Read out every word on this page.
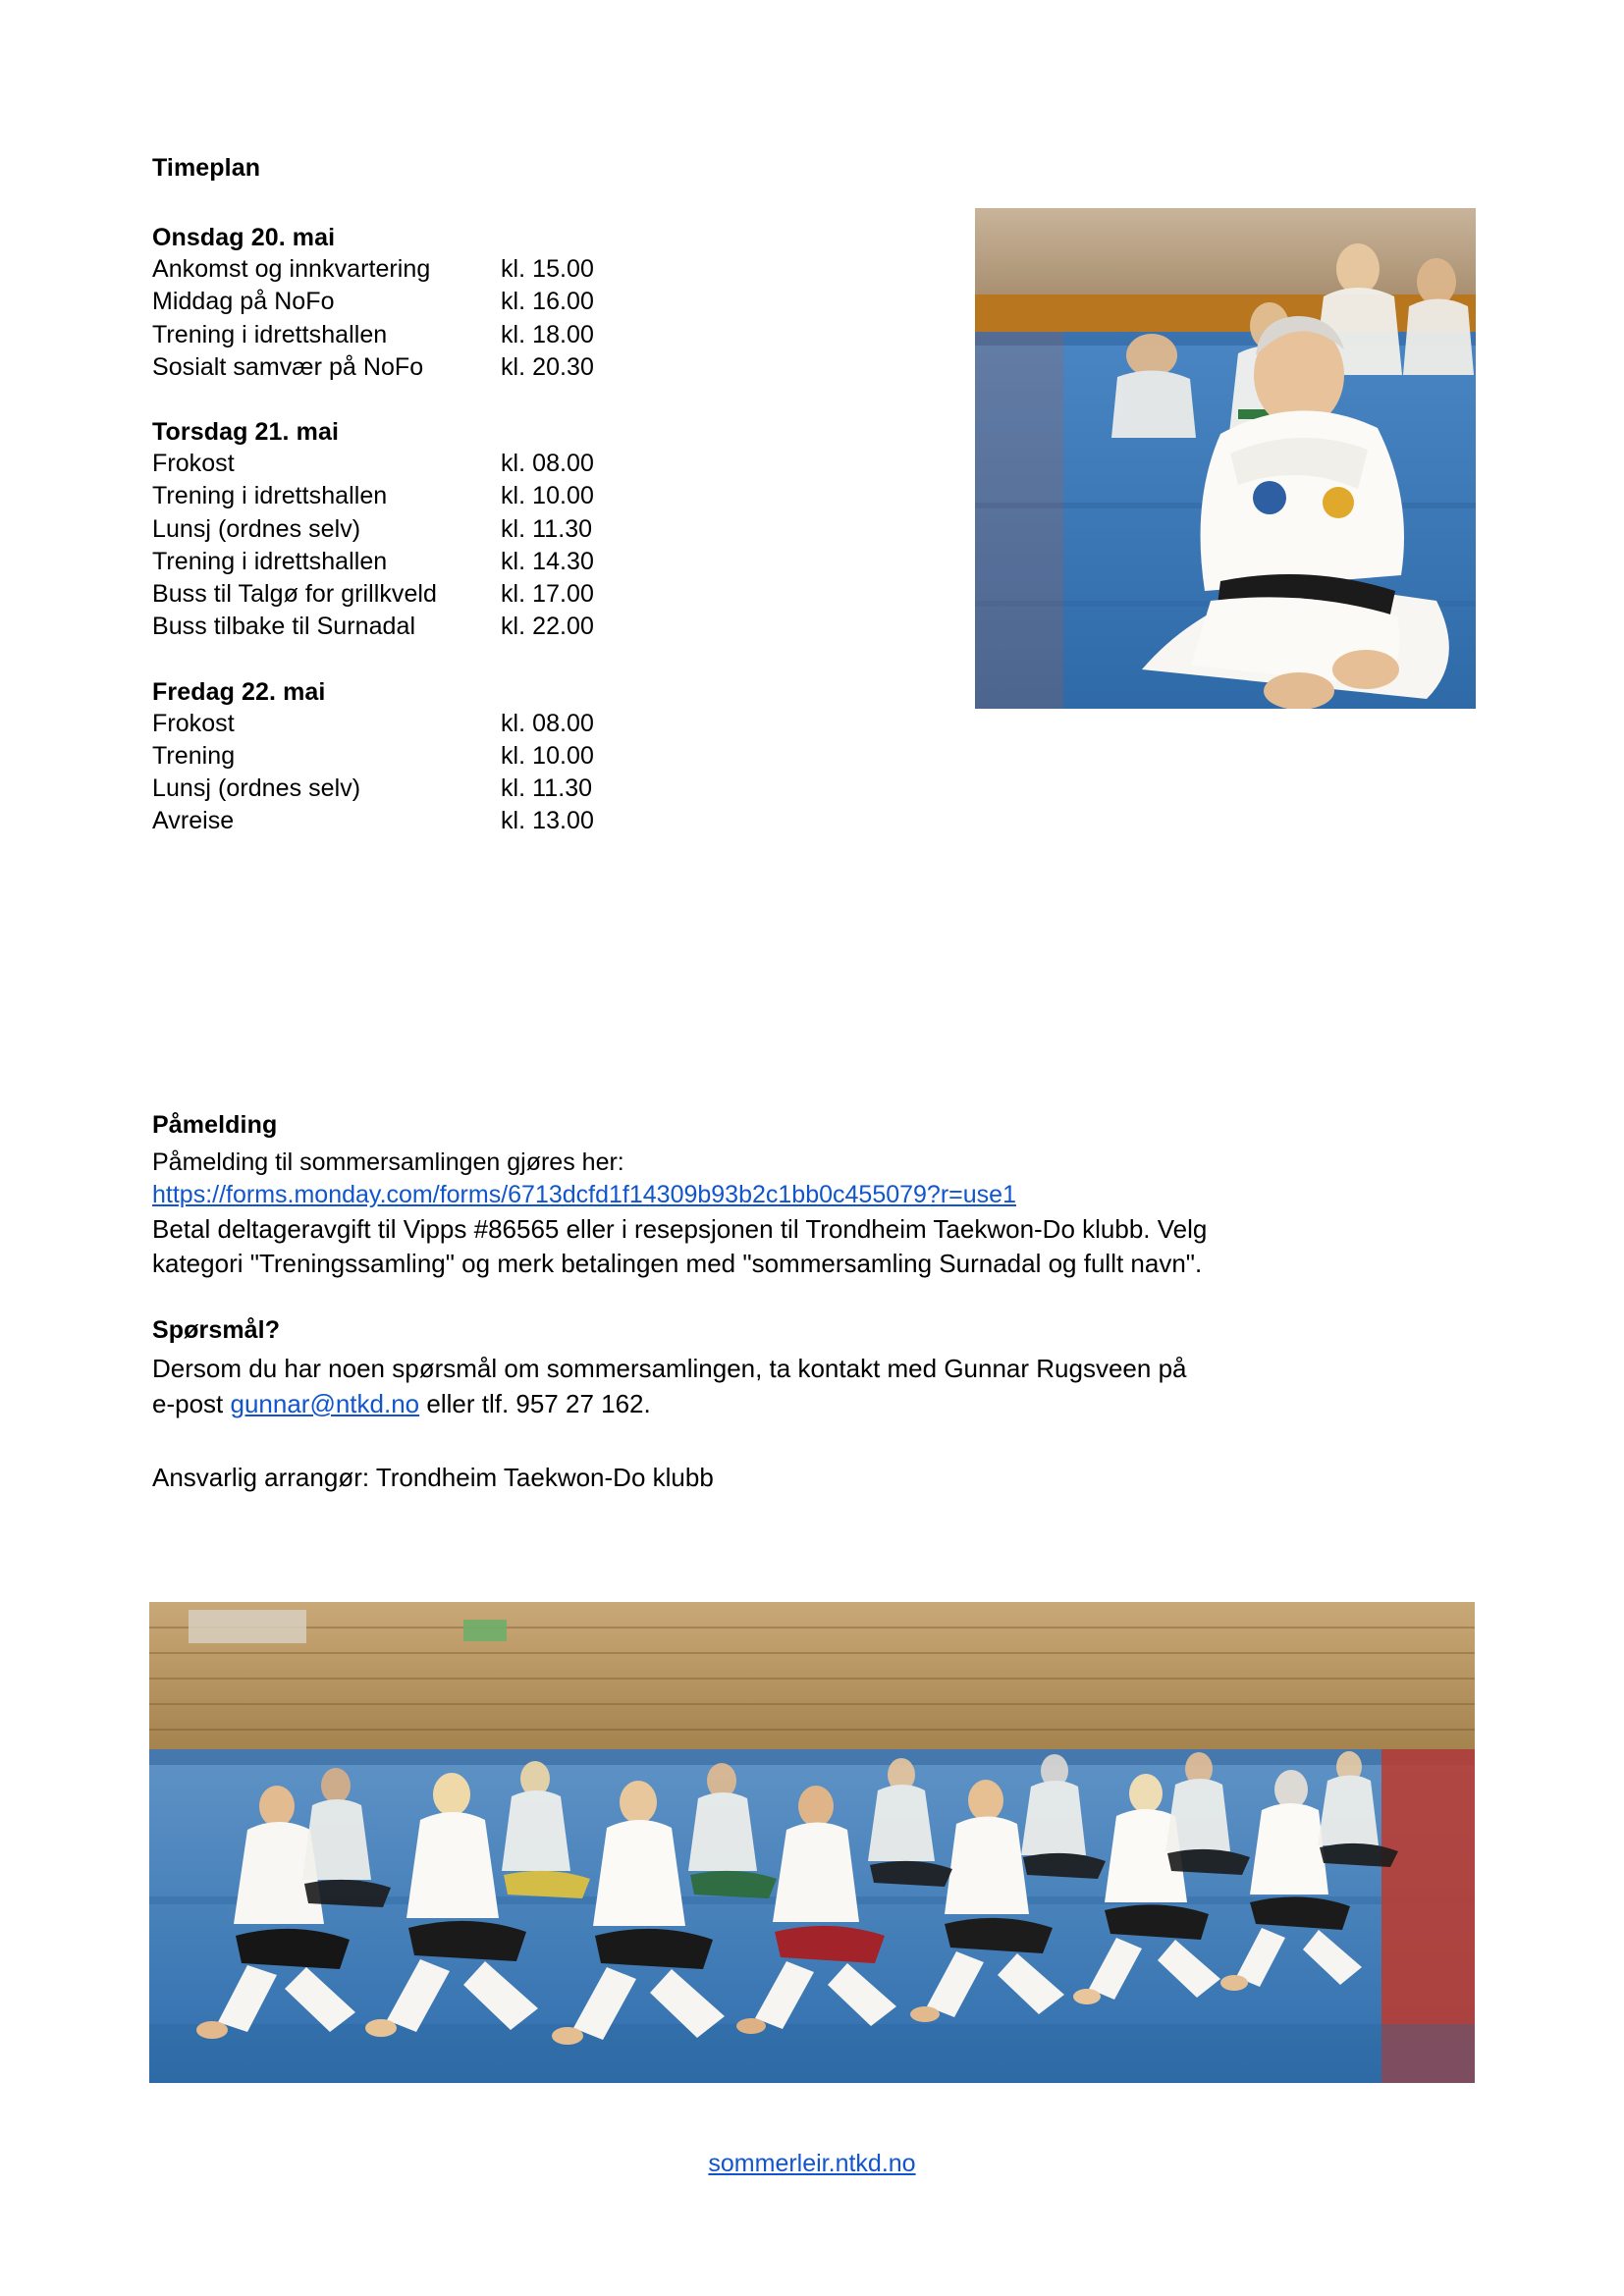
Timeplan
Onsdag 20. mai
Ankomst og innkvartering	kl. 15.00
Middag på NoFo	kl. 16.00
Trening i idrettshallen	kl. 18.00
Sosialt samvær på NoFo	kl. 20.30
Torsdag 21. mai
Frokost	kl. 08.00
Trening i idrettshallen	kl. 10.00
Lunsj (ordnes selv)	kl. 11.30
Trening i idrettshallen	kl. 14.30
Buss til Talgø for grillkveld	kl. 17.00
Buss tilbake til Surnadal	kl. 22.00
Fredag 22. mai
Frokost	kl. 08.00
Trening	kl. 10.00
Lunsj (ordnes selv)	kl. 11.30
Avreise	kl. 13.00
Påmelding
Påmelding til sommersamlingen gjøres her:
https://forms.monday.com/forms/6713dcfd1f14309b93b2c1bb0c455079?r=use1
Betal deltageravgift til Vipps #86565 eller i resepsjonen til Trondheim Taekwon-Do klubb. Velg
kategori "Treningssamling" og merk betalingen med "sommersamling Surnadal og fullt navn".
Spørsmål?
Dersom du har noen spørsmål om sommersamlingen, ta kontakt med Gunnar Rugsveen på
e-post gunnar@ntkd.no eller tlf. 957 27 162.
Ansvarlig arrangør: Trondheim Taekwon-Do klubb
sommerleir.ntkd.no
